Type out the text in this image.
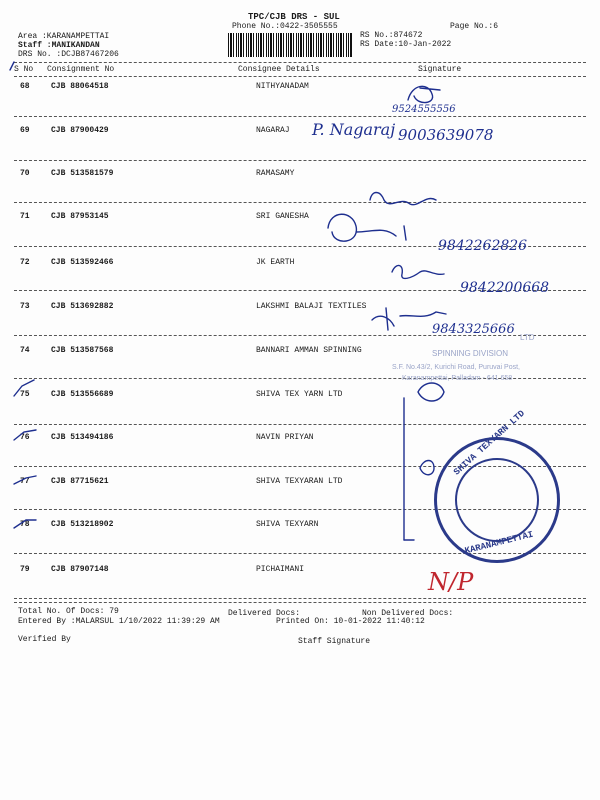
TPC/CJB DRS - SUL
Phone No.:0422-3505555	Page No.:6
Area :KARANAMPETTAI
Staff :MANIKANDAN
DRS No. :DCJB87467206
RS No.:874672
RS Date:10-Jan-2022
S No Consignment No	Consignee Details	Signature
68	CJB 88064518	NITHYANADAM
69	CJB 87900429	NAGARAJ
70	CJB 513581579	RAMASAMY
71	CJB 87953145	SRI GANESHA
72	CJB 513592466	JK EARTH
73	CJB 513692882	LAKSHMI BALAJI TEXTILES
74	CJB 513587568	BANNARI AMMAN SPINNING
75	CJB 513556689	SHIVA TEX YARN LTD
76	CJB 513494186	NAVIN PRIYAN
77	CJB 87715621	SHIVA TEXYARAN LTD
78	CJB 513218902	SHIVA TEXYARN
79	CJB 87907148	PICHAIMANI
LTD
SPINNING DIVISION
S.F. No.43/2, Kurichi Road, Puruvai Post,
Karanampettai, Palladam - 641 658
9524555556
P. Nagaraj 9003639078
9842262826
9842200668
9843325666
N/P
SHIVA TEXYARN LTD
KARANAMPETTAI
Total No. Of Docs: 79	Delivered Docs:	Non Delivered Docs:
Entered By :MALARSUL 1/10/2022 11:39:29 AM	Printed On: 10-01-2022 11:40:12
Verified By	Staff Signature
